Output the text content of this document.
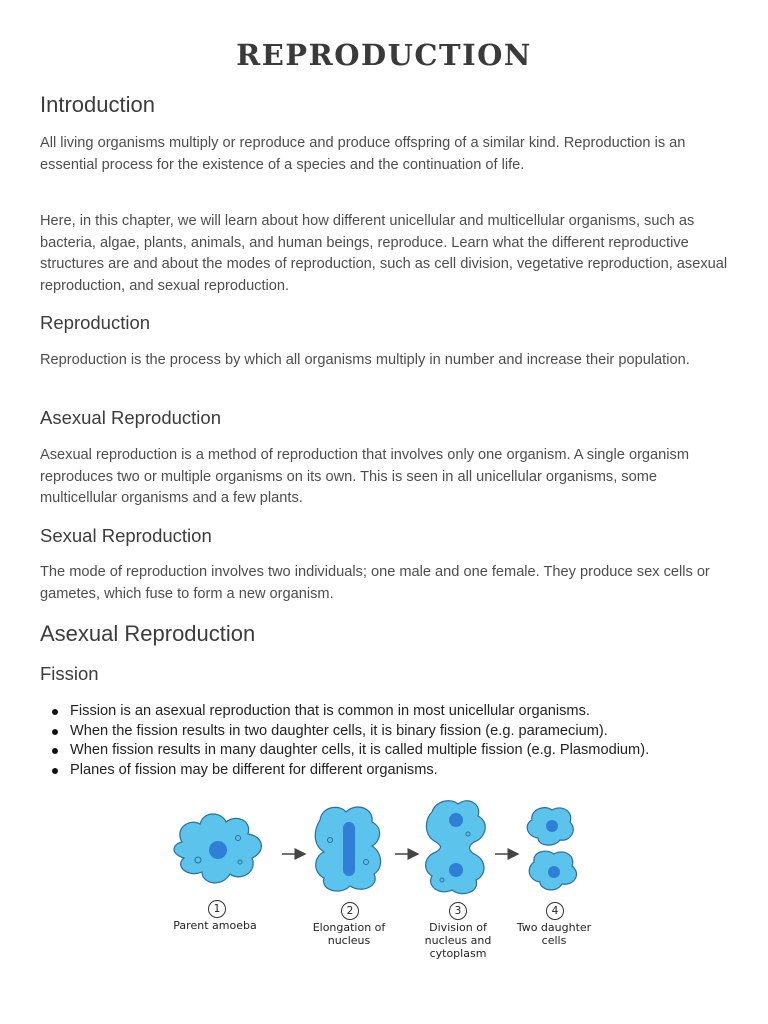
REPRODUCTION
Introduction

All living organisms multiply or reproduce and produce offspring of a similar kind. Reproduction is an essential process for the existence of a species and the continuation of life.

Here, in this chapter, we will learn about how different unicellular and multicellular organisms, such as bacteria, algae, plants, animals, and human beings, reproduce. Learn what the different reproductive structures are and about the modes of reproduction, such as cell division, vegetative reproduction, asexual reproduction, and sexual reproduction.

Reproduction

Reproduction is the process by which all organisms multiply in number and increase their population.

Asexual Reproduction

Asexual reproduction is a method of reproduction that involves only one organism. A single organism reproduces two or multiple organisms on its own. This is seen in all unicellular organisms, some multicellular organisms and a few plants.

Sexual Reproduction

The mode of reproduction involves two individuals; one male and one female. They produce sex cells or gametes, which fuse to form a new organism.

Asexual Reproduction
Fission
Fission is an asexual reproduction that is common in most unicellular organisms.
When the fission results in two daughter cells, it is binary fission (e.g. paramecium).
When fission results in many daughter cells, it is called multiple fission (e.g. Plasmodium).
Planes of fission may be different for different organisms.
1
Parent amoeba
2
Elongation of
nucleus
3
Division of
nucleus and
cytoplasm
4
Two daughter
cells
